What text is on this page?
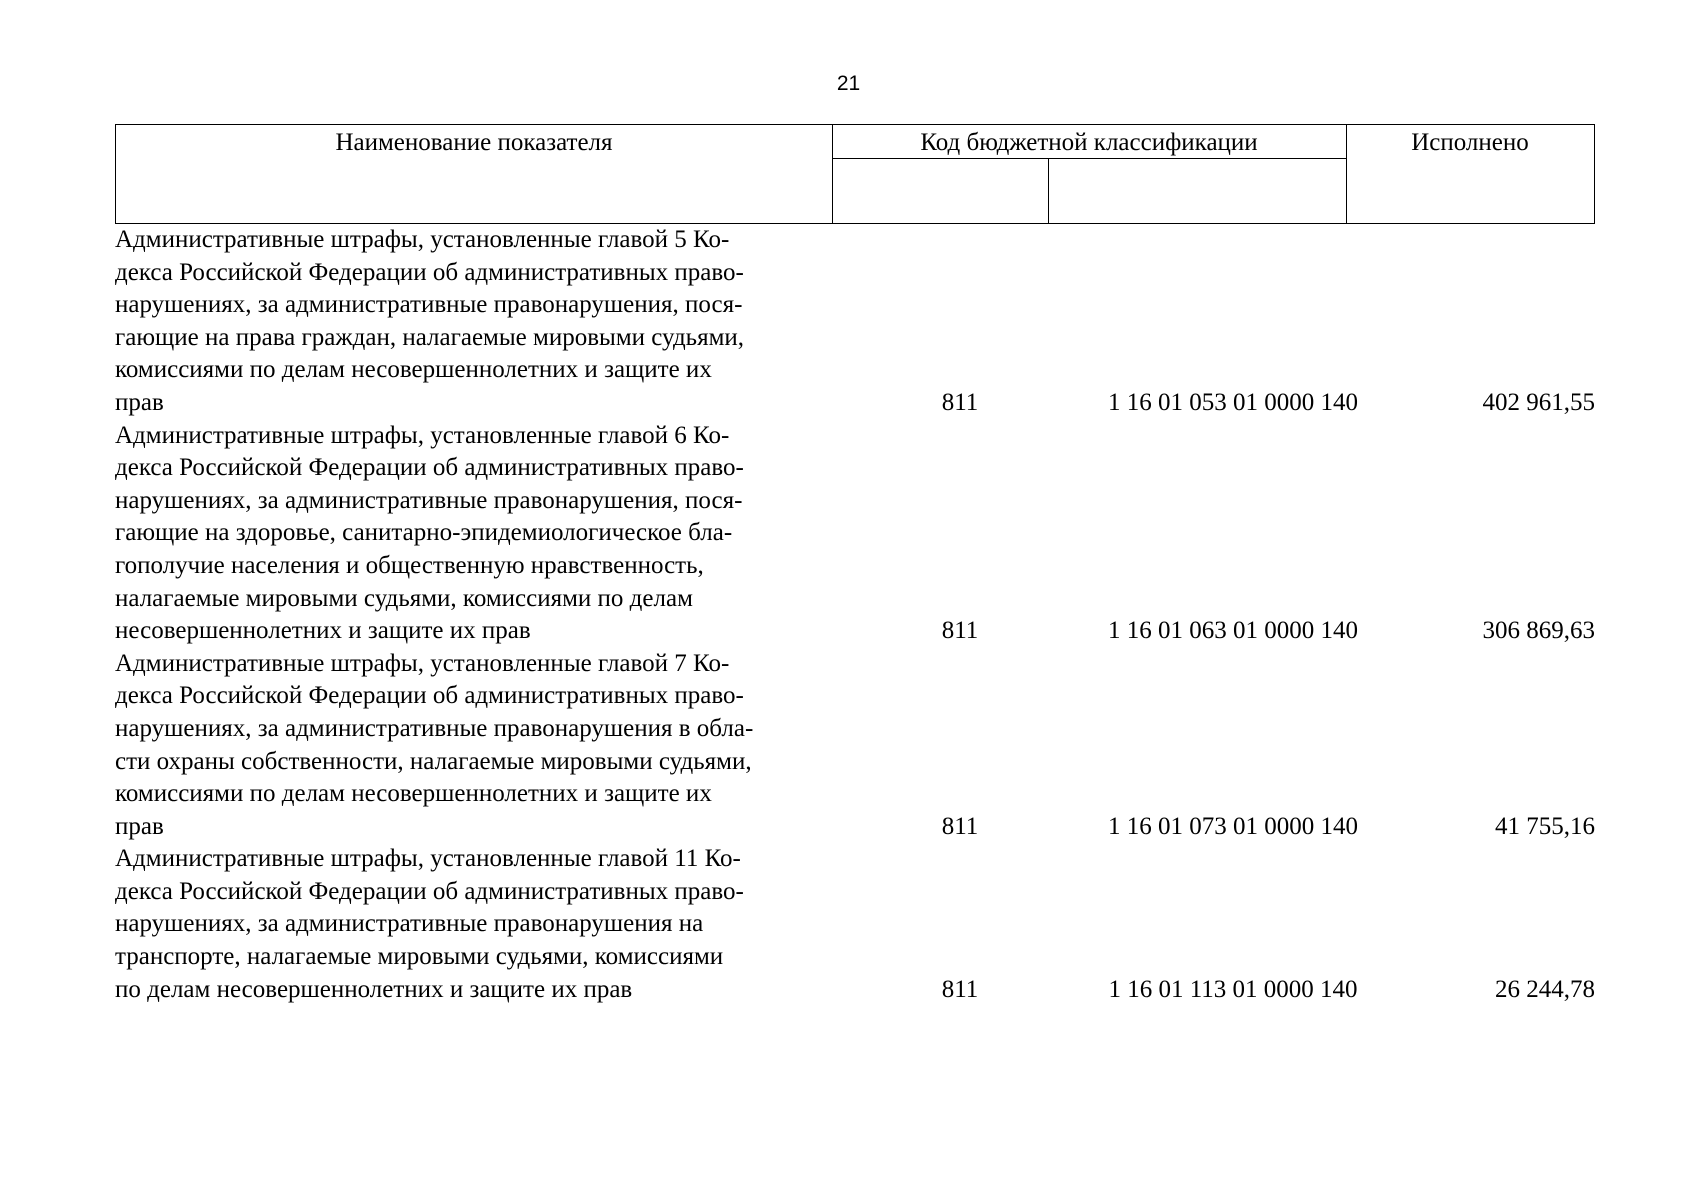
21
Наименование показателя	Код бюджетной классификации	Исполнено
Административные штрафы, установленные главой 5 Ко-
декса Российской Федерации об административных право-
нарушениях, за административные правонарушения, пося-
гающие на права граждан, налагаемые мировыми судьями,
комиссиями по делам несовершеннолетних и защите их
прав	811	1 16 01 053 01 0000 140	402 961,55
Административные штрафы, установленные главой 6 Ко-
декса Российской Федерации об административных право-
нарушениях, за административные правонарушения, пося-
гающие на здоровье, санитарно-эпидемиологическое бла-
гополучие населения и общественную нравственность,
налагаемые мировыми судьями, комиссиями по делам
несовершеннолетних и защите их прав	811	1 16 01 063 01 0000 140	306 869,63
Административные штрафы, установленные главой 7 Ко-
декса Российской Федерации об административных право-
нарушениях, за административные правонарушения в обла-
сти охраны собственности, налагаемые мировыми судьями,
комиссиями по делам несовершеннолетних и защите их
прав	811	1 16 01 073 01 0000 140	41 755,16
Административные штрафы, установленные главой 11 Ко-
декса Российской Федерации об административных право-
нарушениях, за административные правонарушения на
транспорте, налагаемые мировыми судьями, комиссиями
по делам несовершеннолетних и защите их прав	811	1 16 01 113 01 0000 140	26 244,78
